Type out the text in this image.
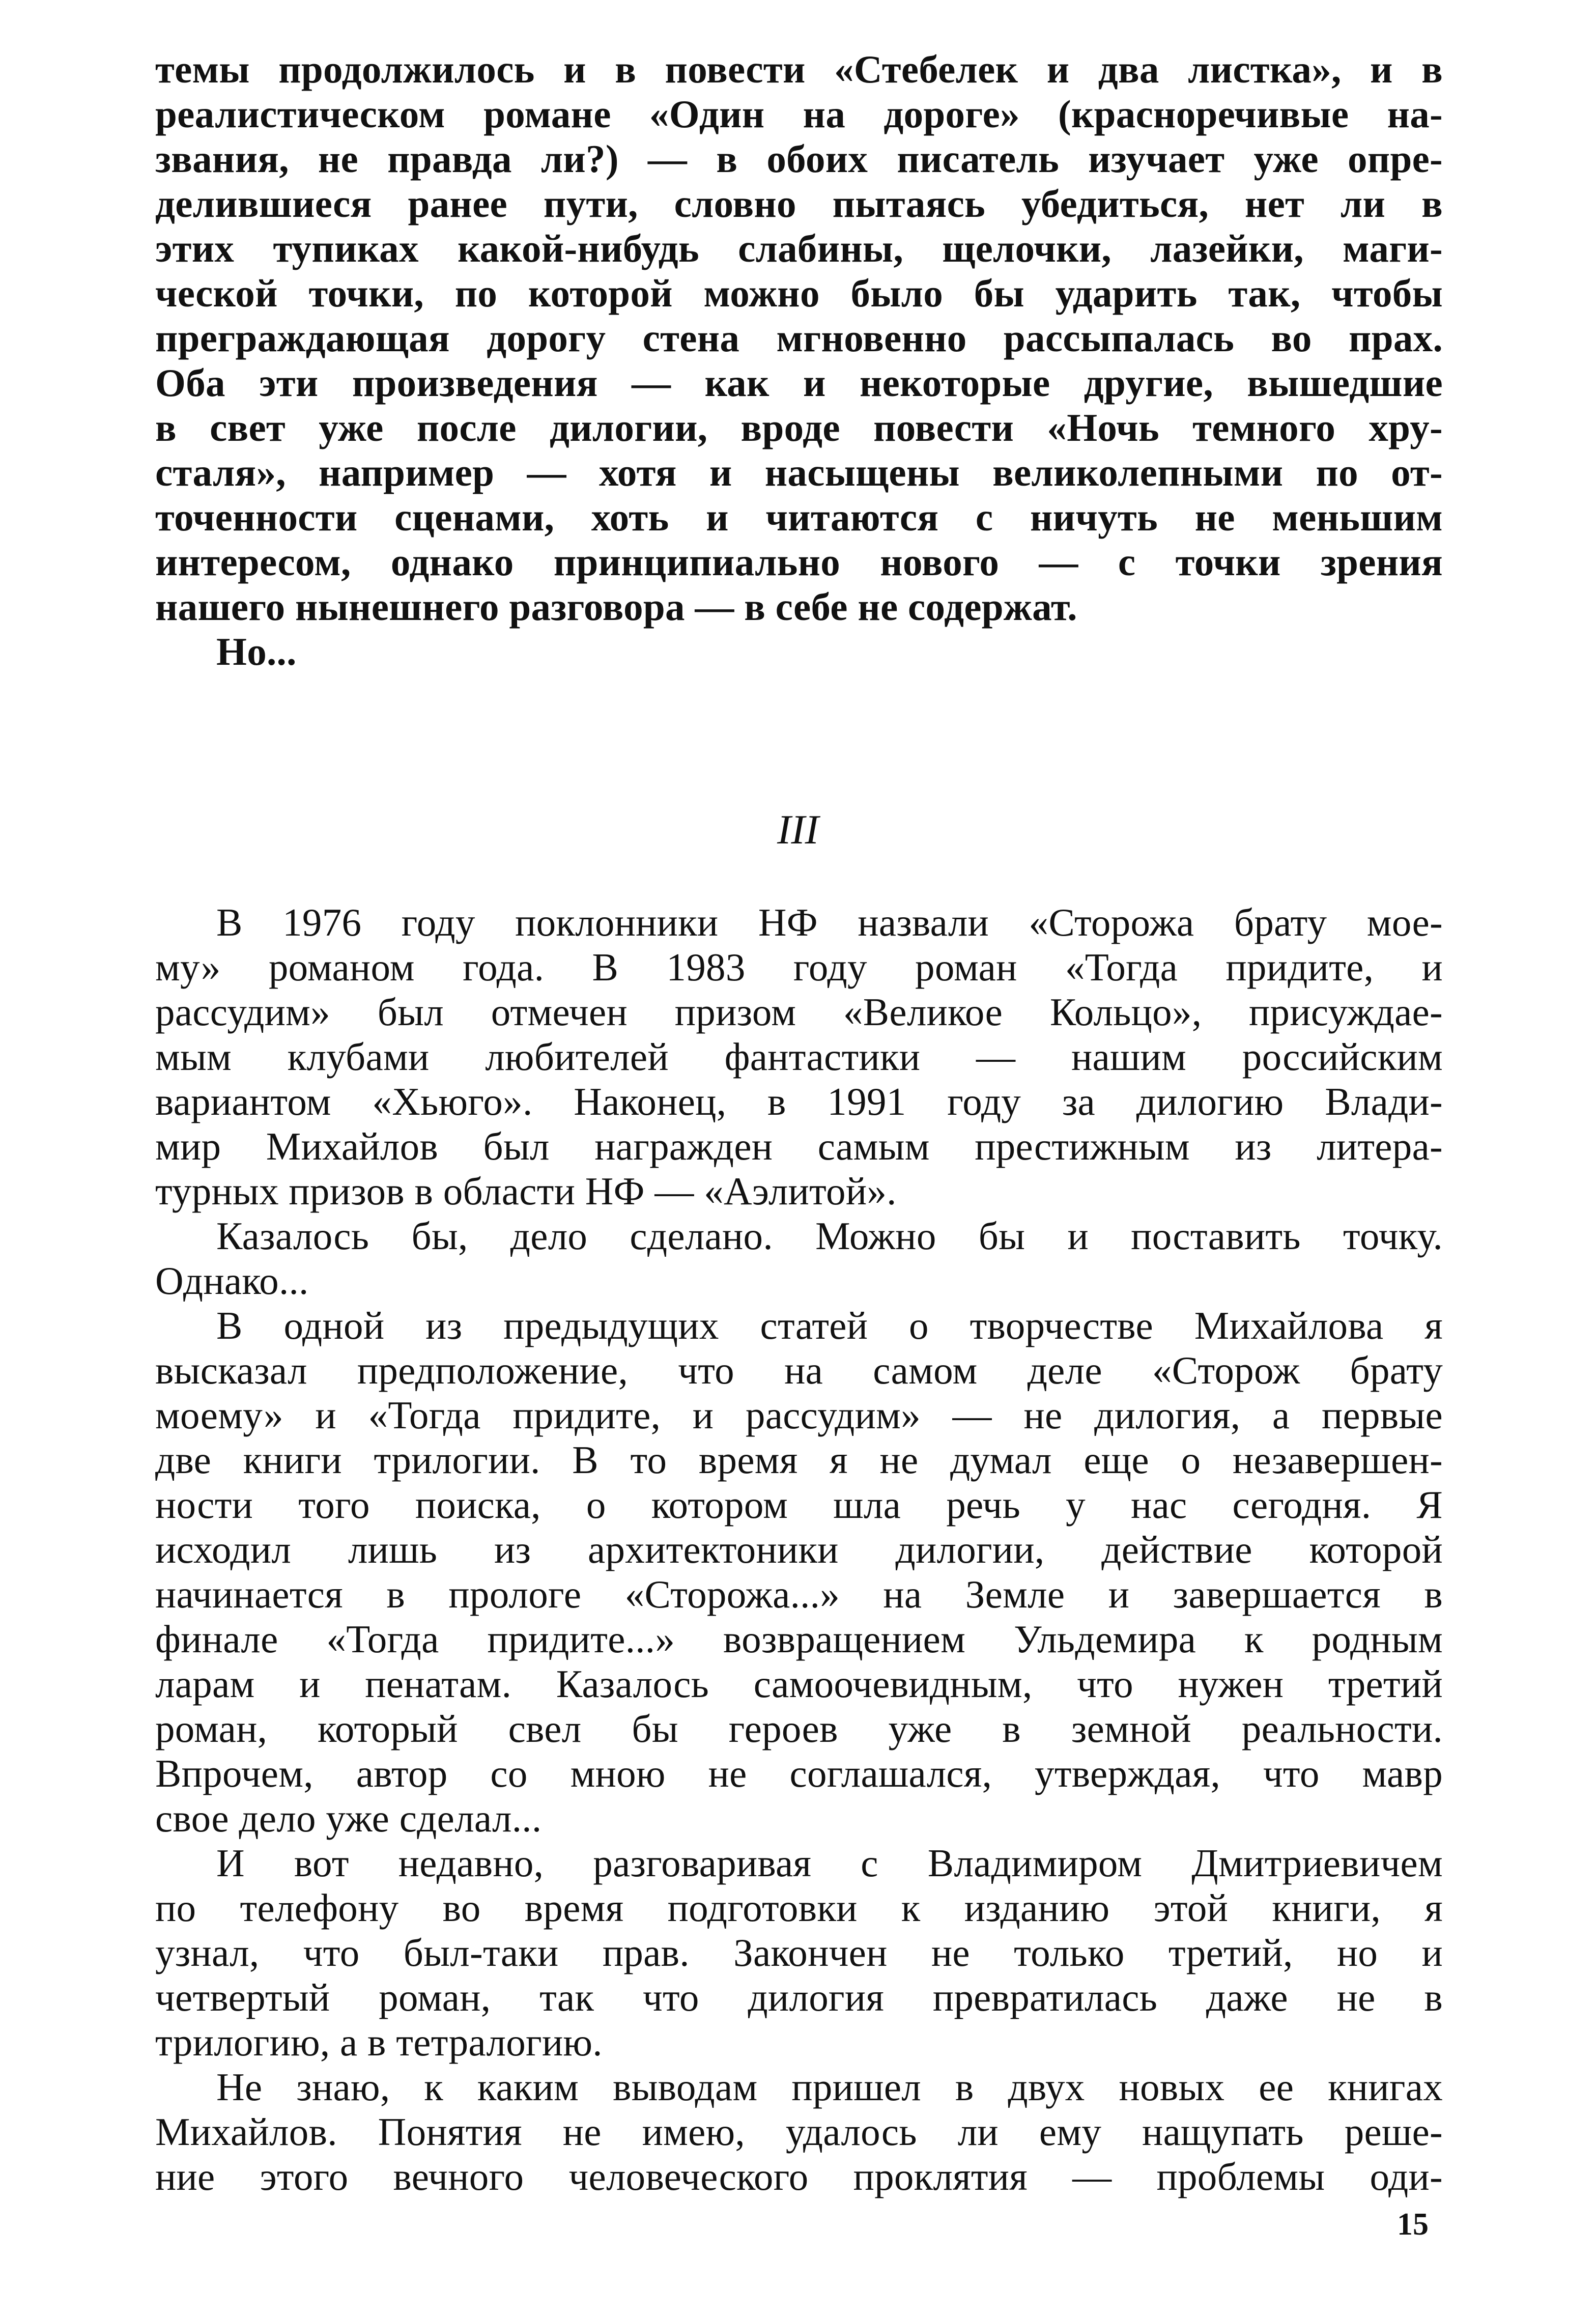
темы продолжилось и в повести «Стебелек и два листка», и в
реалистическом романе «Один на дороге» (красноречивые на-
звания, не правда ли?) — в обоих писатель изучает уже опре-
делившиеся ранее пути, словно пытаясь убедиться, нет ли в
этих тупиках какой-нибудь слабины, щелочки, лазейки, маги-
ческой точки, по которой можно было бы ударить так, чтобы
преграждающая дорогу стена мгновенно рассыпалась во прах.
Оба эти произведения — как и некоторые другие, вышедшие
в свет уже после дилогии, вроде повести «Ночь темного хру-
сталя», например — хотя и насыщены великолепными по от-
точенности сценами, хоть и читаются с ничуть не меньшим
интересом, однако принципиально нового — с точки зрения
нашего нынешнего разговора — в себе не содержат.
Но...
III
В 1976 году поклонники НФ назвали «Сторожа брату мое-
му» романом года. В 1983 году роман «Тогда придите, и
рассудим» был отмечен призом «Великое Кольцо», присуждае-
мым клубами любителей фантастики — нашим российским
вариантом «Хьюго». Наконец, в 1991 году за дилогию Влади-
мир Михайлов был награжден самым престижным из литера-
турных призов в области НФ — «Аэлитой».
Казалось бы, дело сделано. Можно бы и поставить точку.
Однако...
В одной из предыдущих статей о творчестве Михайлова я
высказал предположение, что на самом деле «Сторож брату
моему» и «Тогда придите, и рассудим» — не дилогия, а первые
две книги трилогии. В то время я не думал еще о незавершен-
ности того поиска, о котором шла речь у нас сегодня. Я
исходил лишь из архитектоники дилогии, действие которой
начинается в прологе «Сторожа...» на Земле и завершается в
финале «Тогда придите...» возвращением Ульдемира к родным
ларам и пенатам. Казалось самоочевидным, что нужен третий
роман, который свел бы героев уже в земной реальности.
Впрочем, автор со мною не соглашался, утверждая, что мавр
свое дело уже сделал...
И вот недавно, разговаривая с Владимиром Дмитриевичем
по телефону во время подготовки к изданию этой книги, я
узнал, что был-таки прав. Закончен не только третий, но и
четвертый роман, так что дилогия превратилась даже не в
трилогию, а в тетралогию.
Не знаю, к каким выводам пришел в двух новых ее книгах
Михайлов. Понятия не имею, удалось ли ему нащупать реше-
ние этого вечного человеческого проклятия — проблемы оди-
15
